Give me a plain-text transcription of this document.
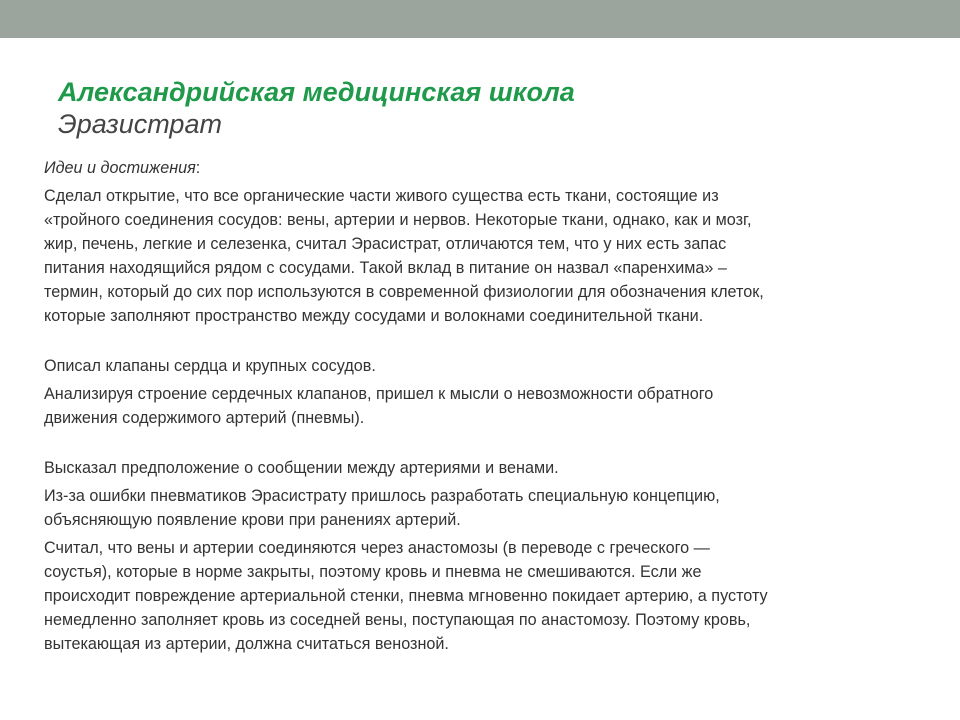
Александрийская медицинская школа
Эразистрат

Идеи и достижения:

Сделал открытие, что все органические части живого существа есть ткани, состоящие из
«тройного соединения сосудов: вены, артерии и нервов. Некоторые ткани, однако, как и мозг,
жир, печень, легкие и селезенка, считал Эрасистрат, отличаются тем, что у них есть запас
питания находящийся рядом с сосудами. Такой вклад в питание он назвал «паренхима» –
термин, который до сих пор используются в современной физиологии для обозначения клеток,
которые заполняют пространство между сосудами и волокнами соединительной ткани.

Описал клапаны сердца и крупных сосудов.

Анализируя строение сердечных клапанов, пришел к мысли о невозможности обратного
движения содержимого артерий (пневмы).

Высказал предположение о сообщении между артериями и венами.

Из-за ошибки пневматиков Эрасистрату пришлось разработать специальную концепцию,
объясняющую появление крови при ранениях артерий.

Считал, что вены и артерии соединяются через анастомозы (в переводе с греческого —
соустья), которые в норме закрыты, поэтому кровь и пневма не смешиваются. Если же
происходит повреждение артериальной стенки, пневма мгновенно покидает артерию, а пустоту
немедленно заполняет кровь из соседней вены, поступающая по анастомозу. Поэтому кровь,
вытекающая из артерии, должна считаться венозной.
